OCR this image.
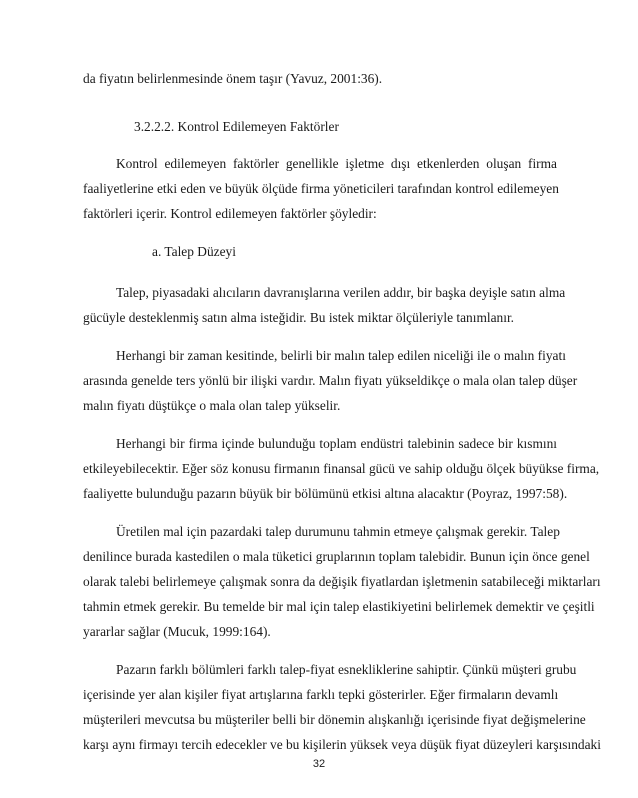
da fiyatın belirlenmesinde önem taşır (Yavuz, 2001:36).
3.2.2.2. Kontrol Edilemeyen Faktörler
Kontrol edilemeyen faktörler genellikle işletme dışı etkenlerden oluşan firma
faaliyetlerine etki eden ve büyük ölçüde firma yöneticileri tarafından kontrol edilemeyen
faktörleri içerir. Kontrol edilemeyen faktörler şöyledir:
a. Talep Düzeyi
Talep, piyasadaki alıcıların davranışlarına verilen addır, bir başka deyişle satın alma
gücüyle desteklenmiş satın alma isteğidir. Bu istek miktar ölçüleriyle tanımlanır.
Herhangi bir zaman kesitinde, belirli bir malın talep edilen niceliği ile o malın fiyatı
arasında genelde ters yönlü bir ilişki vardır. Malın fiyatı yükseldikçe o mala olan talep düşer
malın fiyatı düştükçe o mala olan talep yükselir.
Herhangi bir firma içinde bulunduğu toplam endüstri talebinin sadece bir kısmını
etkileyebilecektir. Eğer söz konusu firmanın finansal gücü ve sahip olduğu ölçek büyükse firma,
faaliyette bulunduğu pazarın büyük bir bölümünü etkisi altına alacaktır (Poyraz, 1997:58).
Üretilen mal için pazardaki talep durumunu tahmin etmeye çalışmak gerekir. Talep
denilince burada kastedilen o mala tüketici gruplarının toplam talebidir. Bunun için önce genel
olarak talebi belirlemeye çalışmak sonra da değişik fiyatlardan işletmenin satabileceği miktarları
tahmin etmek gerekir. Bu temelde bir mal için talep elastikiyetini belirlemek demektir ve çeşitli
yararlar sağlar (Mucuk, 1999:164).
Pazarın farklı bölümleri farklı talep-fiyat esnekliklerine sahiptir. Çünkü müşteri grubu
içerisinde yer alan kişiler fiyat artışlarına farklı tepki gösterirler. Eğer firmaların devamlı
müşterileri mevcutsa bu müşteriler belli bir dönemin alışkanlığı içerisinde fiyat değişmelerine
karşı aynı firmayı tercih edecekler ve bu kişilerin yüksek veya düşük fiyat düzeyleri karşısındaki
32
